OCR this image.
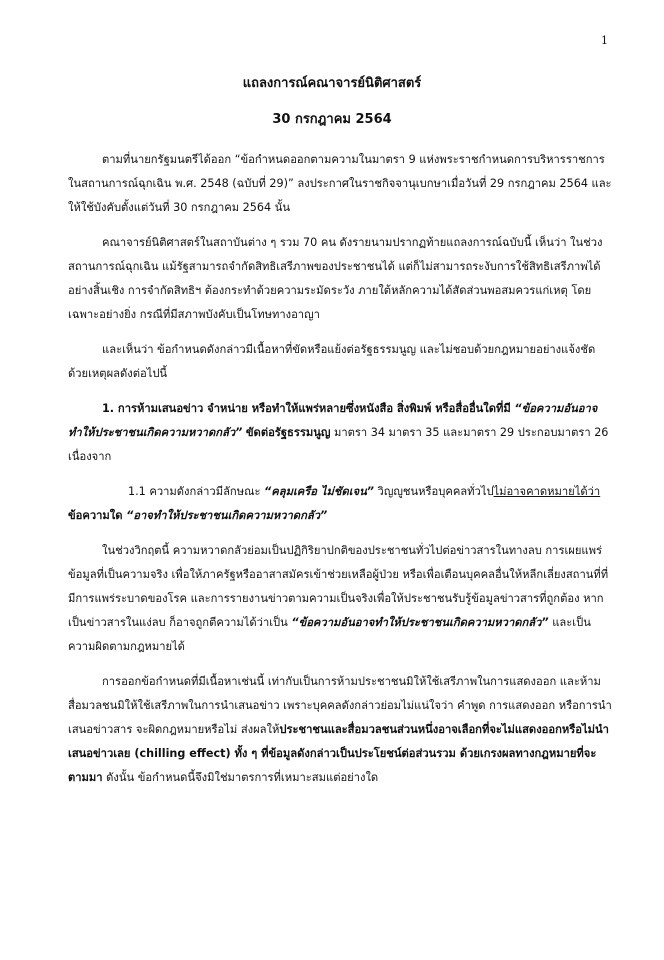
1
แถลงการณ์คณาจารย์นิติศาสตร์
30 กรกฎาคม 2564

ตามที่นายกรัฐมนตรีได้ออก “ข้อกำหนดออกตามความในมาตรา 9 แห่งพระราชกำหนดการบริหารราชการในสถานการณ์ฉุกเฉิน พ.ศ. 2548 (ฉบับที่ 29)” ลงประกาศในราชกิจจานุเบกษาเมื่อวันที่ 29 กรกฎาคม 2564 และให้ใช้บังคับตั้งแต่วันที่ 30 กรกฎาคม 2564 นั้น

คณาจารย์นิติศาสตร์ในสถาบันต่าง ๆ รวม 70 คน ดังรายนามปรากฏท้ายแถลงการณ์ฉบับนี้ เห็นว่า ในช่วงสถานการณ์ฉุกเฉิน แม้รัฐสามารถจำกัดสิทธิเสรีภาพของประชาชนได้ แต่ก็ไม่สามารถระงับการใช้สิทธิเสรีภาพได้อย่างสิ้นเชิง การจำกัดสิทธิฯ ต้องกระทำด้วยความระมัดระวัง ภายใต้หลักความได้สัดส่วนพอสมควรแก่เหตุ โดยเฉพาะอย่างยิ่ง กรณีที่มีสภาพบังคับเป็นโทษทางอาญา

และเห็นว่า ข้อกำหนดดังกล่าวมีเนื้อหาที่ขัดหรือแย้งต่อรัฐธรรมนูญ และไม่ชอบด้วยกฎหมายอย่างแจ้งชัด ด้วยเหตุผลดังต่อไปนี้

1. การห้ามเสนอข่าว จำหน่าย หรือทำให้แพร่หลายซึ่งหนังสือ สิ่งพิมพ์ หรือสื่ออื่นใดที่มี “ข้อความอันอาจทำให้ประชาชนเกิดความหวาดกลัว” ขัดต่อรัฐธรรมนูญ มาตรา 34 มาตรา 35 และมาตรา 29 ประกอบมาตรา 26 เนื่องจาก

1.1 ความดังกล่าวมีลักษณะ “คลุมเครือ ไม่ชัดเจน” วิญญูชนหรือบุคคลทั่วไปไม่อาจคาดหมายได้ว่า ข้อความใด “อาจทำให้ประชาชนเกิดความหวาดกลัว”

ในช่วงวิกฤตนี้ ความหวาดกลัวย่อมเป็นปฏิกิริยาปกติของประชาชนทั่วไปต่อข่าวสารในทางลบ การเผยแพร่ข้อมูลที่เป็นความจริง เพื่อให้ภาครัฐหรืออาสาสมัครเข้าช่วยเหลือผู้ป่วย หรือเพื่อเตือนบุคคลอื่นให้หลีกเลี่ยงสถานที่ที่มีการแพร่ระบาดของโรค และการรายงานข่าวตามความเป็นจริงเพื่อให้ประชาชนรับรู้ข้อมูลข่าวสารที่ถูกต้อง หากเป็นข่าวสารในแง่ลบ ก็อาจถูกตีความได้ว่าเป็น “ข้อความอันอาจทำให้ประชาชนเกิดความหวาดกลัว” และเป็นความผิดตามกฎหมายได้

การออกข้อกำหนดที่มีเนื้อหาเช่นนี้ เท่ากับเป็นการห้ามประชาชนมิให้ใช้เสรีภาพในการแสดงออก และห้ามสื่อมวลชนมิให้ใช้เสรีภาพในการนำเสนอข่าว เพราะบุคคลดังกล่าวย่อมไม่แน่ใจว่า คำพูด การแสดงออก หรือการนำเสนอข่าวสาร จะผิดกฎหมายหรือไม่ ส่งผลให้ประชาชนและสื่อมวลชนส่วนหนึ่งอาจเลือกที่จะไม่แสดงออกหรือไม่นำเสนอข่าวเลย (chilling effect) ทั้ง ๆ ที่ข้อมูลดังกล่าวเป็นประโยชน์ต่อส่วนรวม ด้วยเกรงผลทางกฎหมายที่จะตามมา ดังนั้น ข้อกำหนดนี้จึงมิใช่มาตรการที่เหมาะสมแต่อย่างใด
